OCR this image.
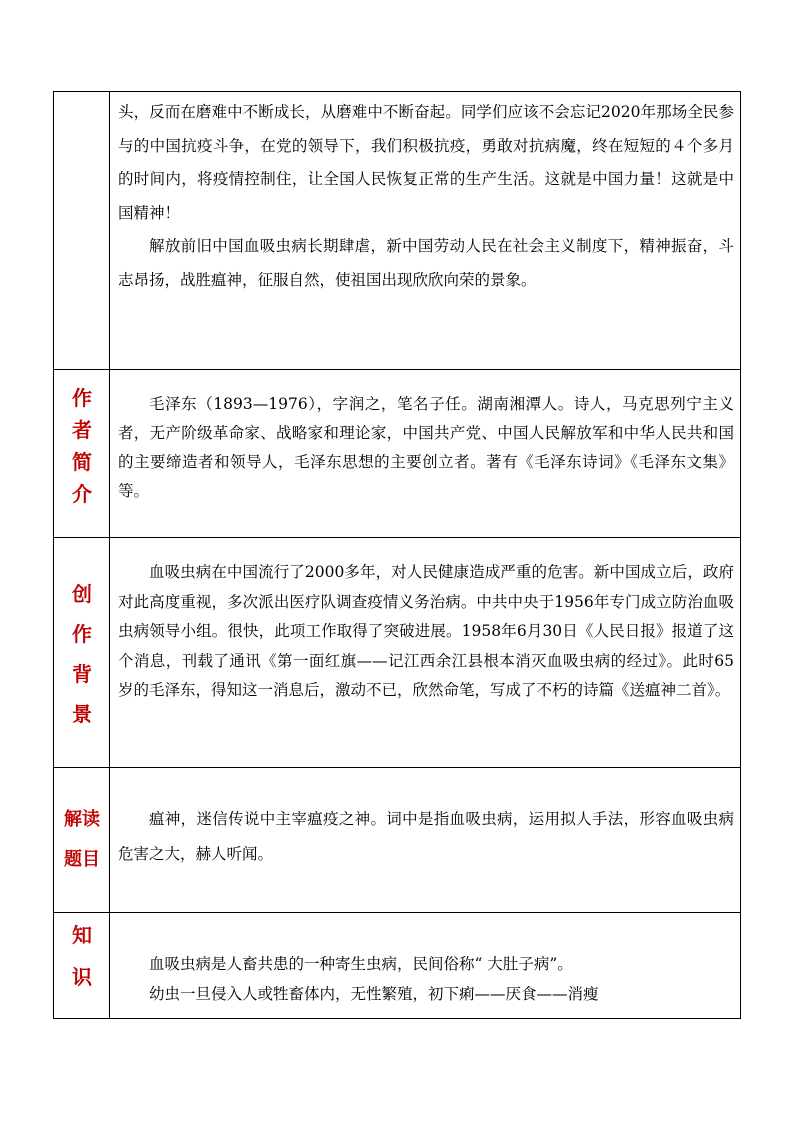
头，反而在磨难中不断成长，从磨难中不断奋起。同学们应该不会忘记2020年那场全民参与的中国抗疫斗争，在党的领导下，我们积极抗疫，勇敢对抗病魔，终在短短的４个多月的时间内，将疫情控制住，让全国人民恢复正常的生产生活。这就是中国力量！这就是中国精神！

解放前旧中国血吸虫病长期肆虐，新中国劳动人民在社会主义制度下，精神振奋，斗志昂扬，战胜瘟神，征服自然，使祖国出现欣欣向荣的景象。

作
者
简
介

毛泽东（1893—1976），字润之，笔名子任。湖南湘潭人。诗人，马克思列宁主义者，无产阶级革命家、战略家和理论家，中国共产党、中国人民解放军和中华人民共和国的主要缔造者和领导人，毛泽东思想的主要创立者。著有《毛泽东诗词》《毛泽东文集》等。

创
作
背
景

血吸虫病在中国流行了2000多年，对人民健康造成严重的危害。新中国成立后，政府对此高度重视，多次派出医疗队调查疫情义务治病。中共中央于1956年专门成立防治血吸虫病领导小组。很快，此项工作取得了突破进展。1958年6月30日《人民日报》报道了这个消息，刊载了通讯《第一面红旗——记江西余江县根本消灭血吸虫病的经过》。此时65岁的毛泽东，得知这一消息后，激动不已，欣然命笔，写成了不朽的诗篇《送瘟神二首》。

解读
题目

瘟神，迷信传说中主宰瘟疫之神。词中是指血吸虫病，运用拟人手法，形容血吸虫病危害之大，赫人听闻。

知
识

血吸虫病是人畜共患的一种寄生虫病，民间俗称“ 大肚子病”。

幼虫一旦侵入人或牲畜体内，无性繁殖，初下痢——厌食——消瘦
